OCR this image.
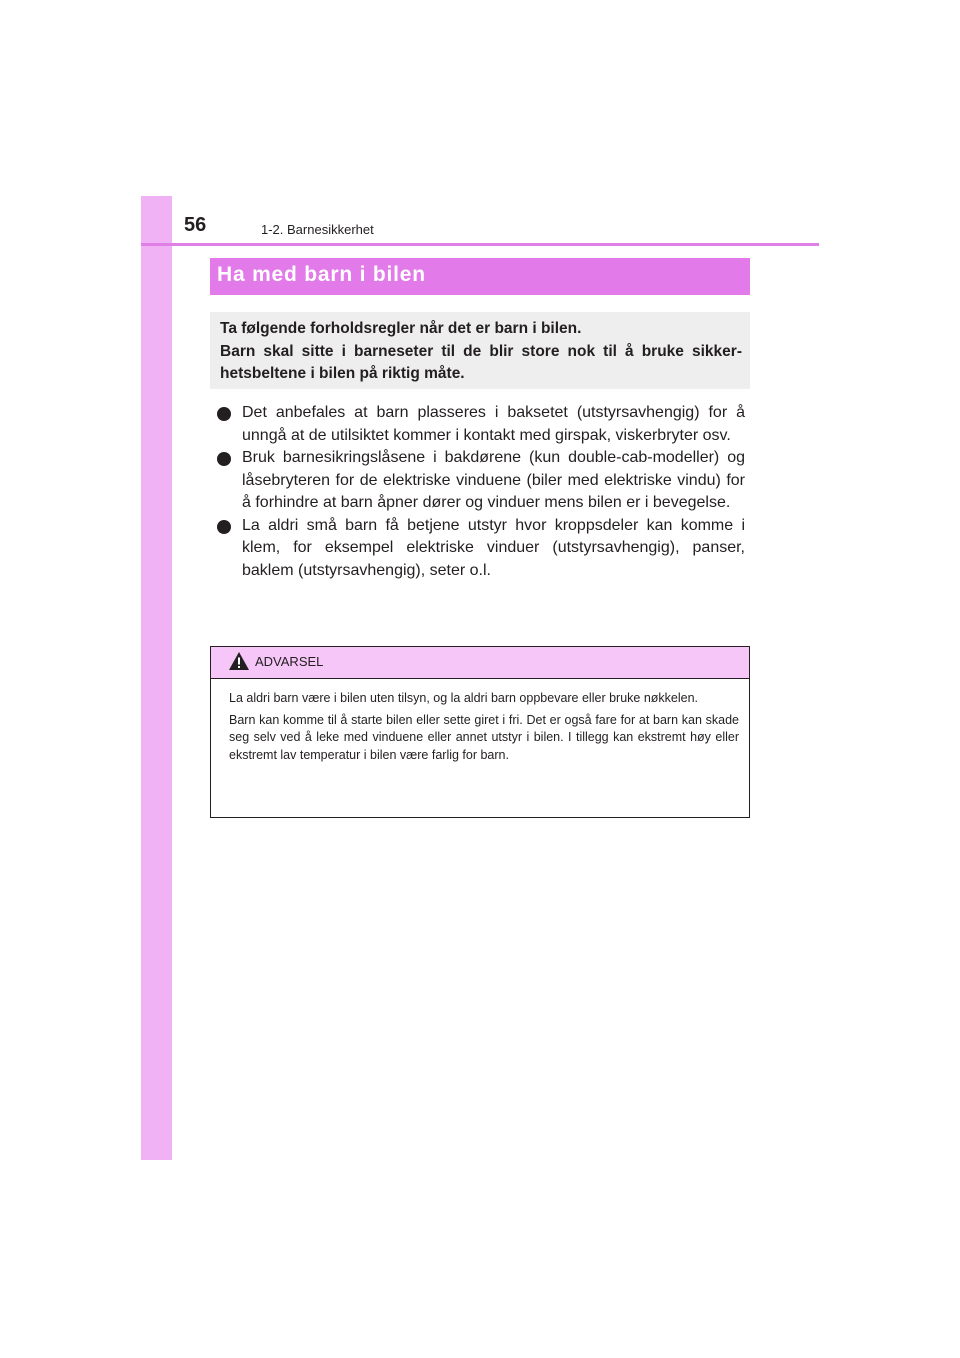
56	1-2. Barnesikkerhet
Ha med barn i bilen

Ta følgende forholdsregler når det er barn i bilen.

Barn skal sitte i barneseter til de blir store nok til å bruke sikker-hetsbeltene i bilen på riktig måte.

Det anbefales at barn plasseres i baksetet (utstyrsavhengig) for å unngå at de utilsiktet kommer i kontakt med girspak, viskerbryter osv.
Bruk barnesikringslåsene i bakdørene (kun double-cab-modeller) og låsebryteren for de elektriske vinduene (biler med elektriske vindu) for å forhindre at barn åpner dører og vinduer mens bilen er i bevegelse.
La aldri små barn få betjene utstyr hvor kroppsdeler kan komme i klem, for eksempel elektriske vinduer (utstyrsavhengig), panser, baklem (utstyrsavhengig), seter o.l.
ADVARSEL

La aldri barn være i bilen uten tilsyn, og la aldri barn oppbevare eller bruke nøkkelen.

Barn kan komme til å starte bilen eller sette giret i fri. Det er også fare for at barn kan skade seg selv ved å leke med vinduene eller annet utstyr i bilen. I tillegg kan ekstremt høy eller ekstremt lav temperatur i bilen være farlig for barn.
